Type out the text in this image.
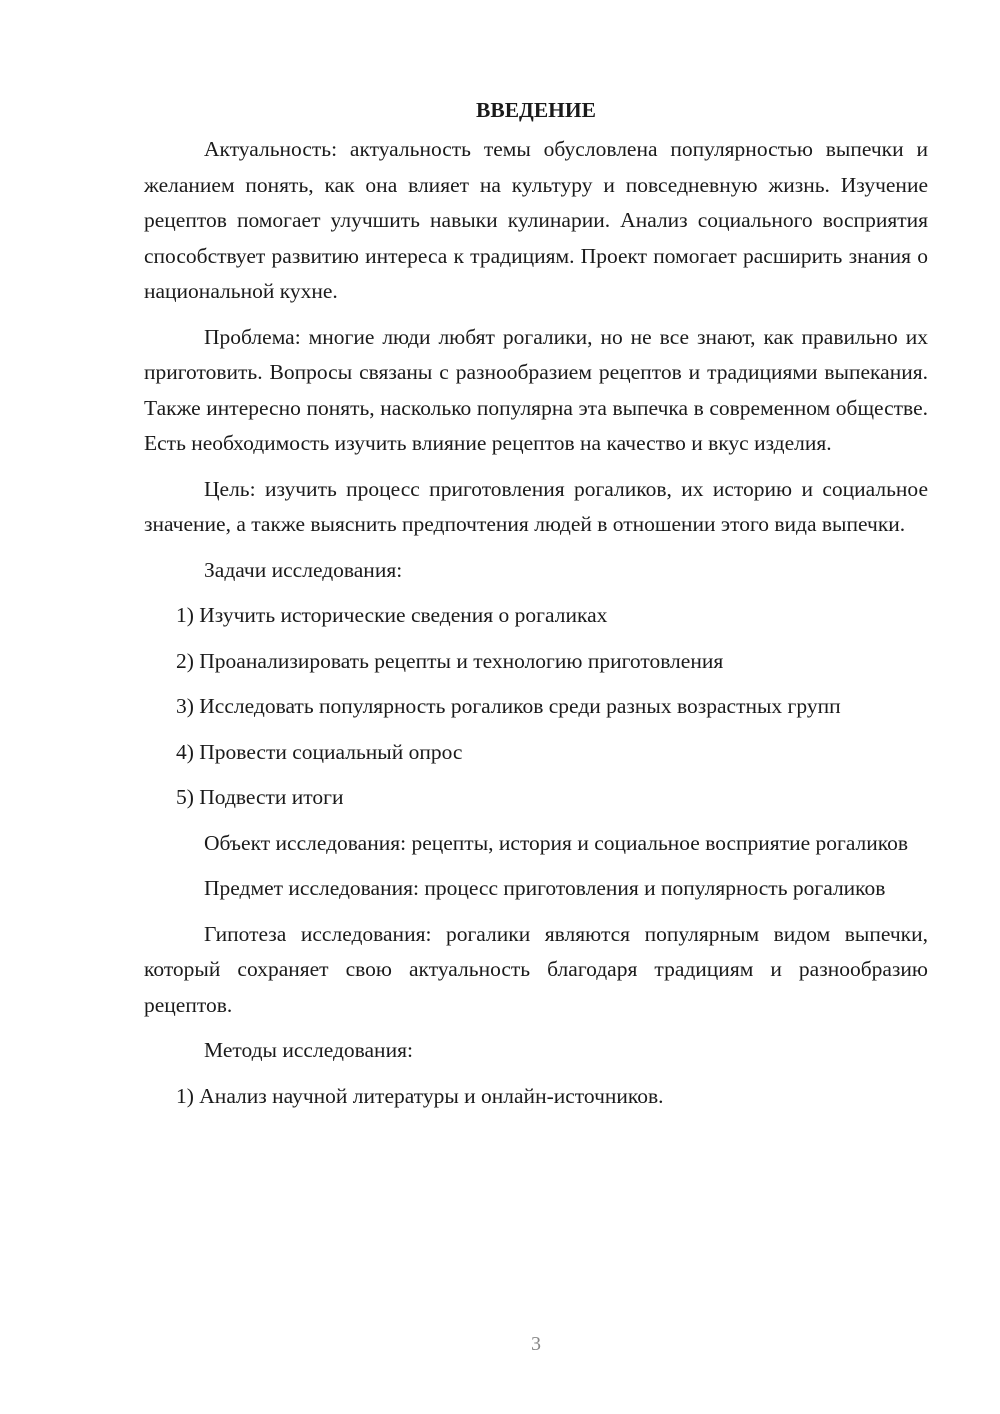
ВВЕДЕНИЕ

Актуальность: актуальность темы обусловлена популярностью выпечки и желанием понять, как она влияет на культуру и повседневную жизнь. Изучение рецептов помогает улучшить навыки кулинарии. Анализ социального восприятия способствует развитию интереса к традициям. Проект помогает расширить знания о национальной кухне.

Проблема: многие люди любят рогалики, но не все знают, как правильно их приготовить. Вопросы связаны с разнообразием рецептов и традициями выпекания. Также интересно понять, насколько популярна эта выпечка в современном обществе. Есть необходимость изучить влияние рецептов на качество и вкус изделия.

Цель: изучить процесс приготовления рогаликов, их историю и социальное значение, а также выяснить предпочтения людей в отношении этого вида выпечки.

Задачи исследования:

1) Изучить исторические сведения о рогаликах

2) Проанализировать рецепты и технологию приготовления

3) Исследовать популярность рогаликов среди разных возрастных групп

4) Провести социальный опрос

5) Подвести итоги

Объект исследования: рецепты, история и социальное восприятие рогаликов

Предмет исследования: процесс приготовления и популярность рогаликов

Гипотеза исследования: рогалики являются популярным видом выпечки, который сохраняет свою актуальность благодаря традициям и разнообразию рецептов.

Методы исследования:

1) Анализ научной литературы и онлайн-источников.

3
